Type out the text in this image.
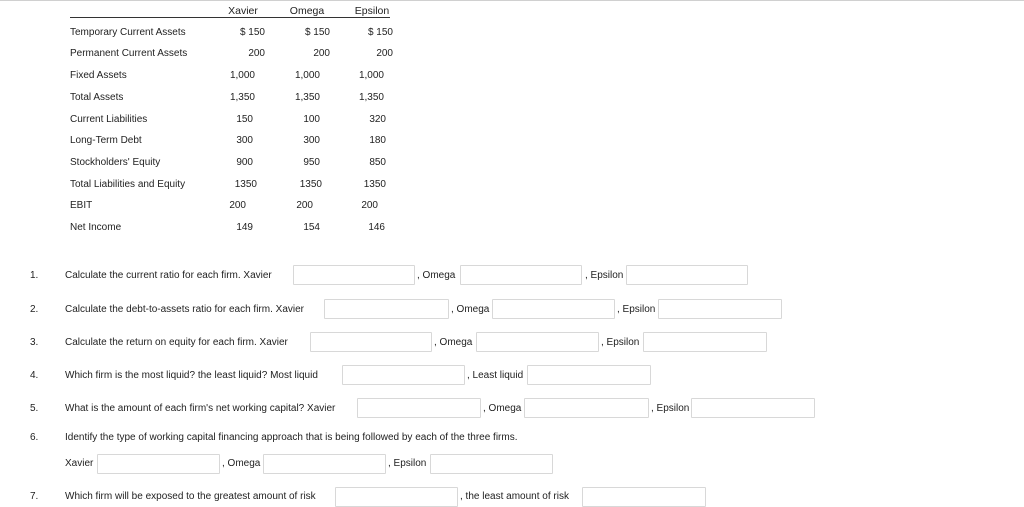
Xavier	Omega	Epsilon
Temporary Current Assets	$ 150	$ 150	$ 150
Permanent Current Assets	200	200	200
Fixed Assets	1,000	1,000	1,000
Total Assets	1,350	1,350	1,350
Current Liabilities	150	100	320
Long-Term Debt	300	300	180
Stockholders' Equity	900	950	850
Total Liabilities and Equity	1350	1350	1350
EBIT	200	200	200
Net Income	149	154	146
1.	Calculate the current ratio for each firm. Xavier	, Omega	, Epsilon
2.	Calculate the debt-to-assets ratio for each firm. Xavier	, Omega	, Epsilon
3.	Calculate the return on equity for each firm. Xavier	, Omega	, Epsilon
4.	Which firm is the most liquid? the least liquid? Most liquid	, Least liquid
5.	What is the amount of each firm's net working capital? Xavier	, Omega	, Epsilon
6.	Identify the type of working capital financing approach that is being followed by each of the three firms.
Xavier	, Omega	, Epsilon
7.	Which firm will be exposed to the greatest amount of risk	, the least amount of risk
